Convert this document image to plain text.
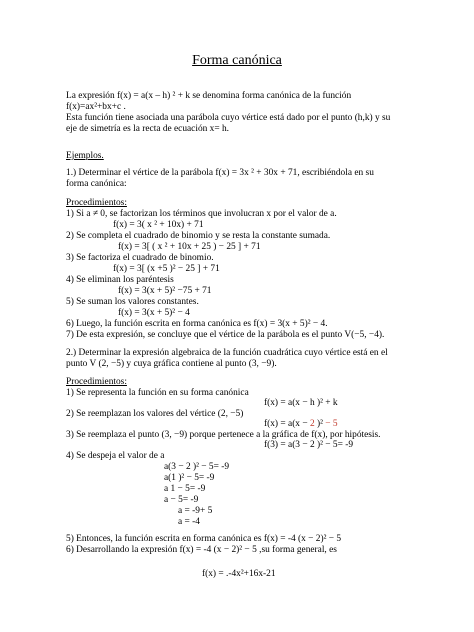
Forma canónica
La expresión f(x) = a(x – h) ² + k se denomina forma canónica de la función
f(x)=ax²+bx+c .
Esta función tiene asociada una parábola cuyo vértice está dado por el punto (h,k) y su
eje de simetría es la recta de ecuación x= h.
Ejemplos.
1.) Determinar el vértice de la parábola f(x) = 3x ² + 30x + 71, escribiéndola en su
forma canónica:
Procedimientos:
1) Si a ≠ 0, se factorizan los términos que involucran x por el valor de a.
f(x) = 3( x ² + 10x) + 71
2) Se completa el cuadrado de binomio y se resta la constante sumada.
f(x) = 3[ ( x ² + 10x + 25 ) − 25 ] + 71
3) Se factoriza el cuadrado de binomio.
f(x) = 3[ (x +5 )² − 25 ] + 71
4) Se eliminan los paréntesis
f(x) = 3(x + 5)² −75 + 71
5) Se suman los valores constantes.
f(x) = 3(x + 5)² − 4
6) Luego, la función escrita en forma canónica es f(x) = 3(x + 5)² − 4.
7) De esta expresión, se concluye que el vértice de la parábola es el punto V(−5, −4).
2.) Determinar la expresión algebraica de la función cuadrática cuyo vértice está en el
punto V (2, −5) y cuya gráfica contiene al punto (3, −9).
Procedimientos:
1) Se representa la función en su forma canónica
f(x) = a(x − h )² + k
2) Se reemplazan los valores del vértice (2, −5)
f(x) = a(x − 2 )² − 5
3) Se reemplaza el punto (3, −9) porque pertenece a la gráfica de f(x), por hipótesis.
f(3) = a(3 − 2 )² − 5= -9
4) Se despeja el valor de a
a(3 − 2 )² − 5= -9
a(1 )² − 5= -9
a 1 − 5= -9
a − 5= -9
a = -9+ 5
a = -4
5) Entonces, la función escrita en forma canónica es f(x) = -4 (x − 2)² − 5
6) Desarrollando la expresión f(x) = -4 (x − 2)² − 5 ,su forma general, es
f(x) = .-4x²+16x-21
